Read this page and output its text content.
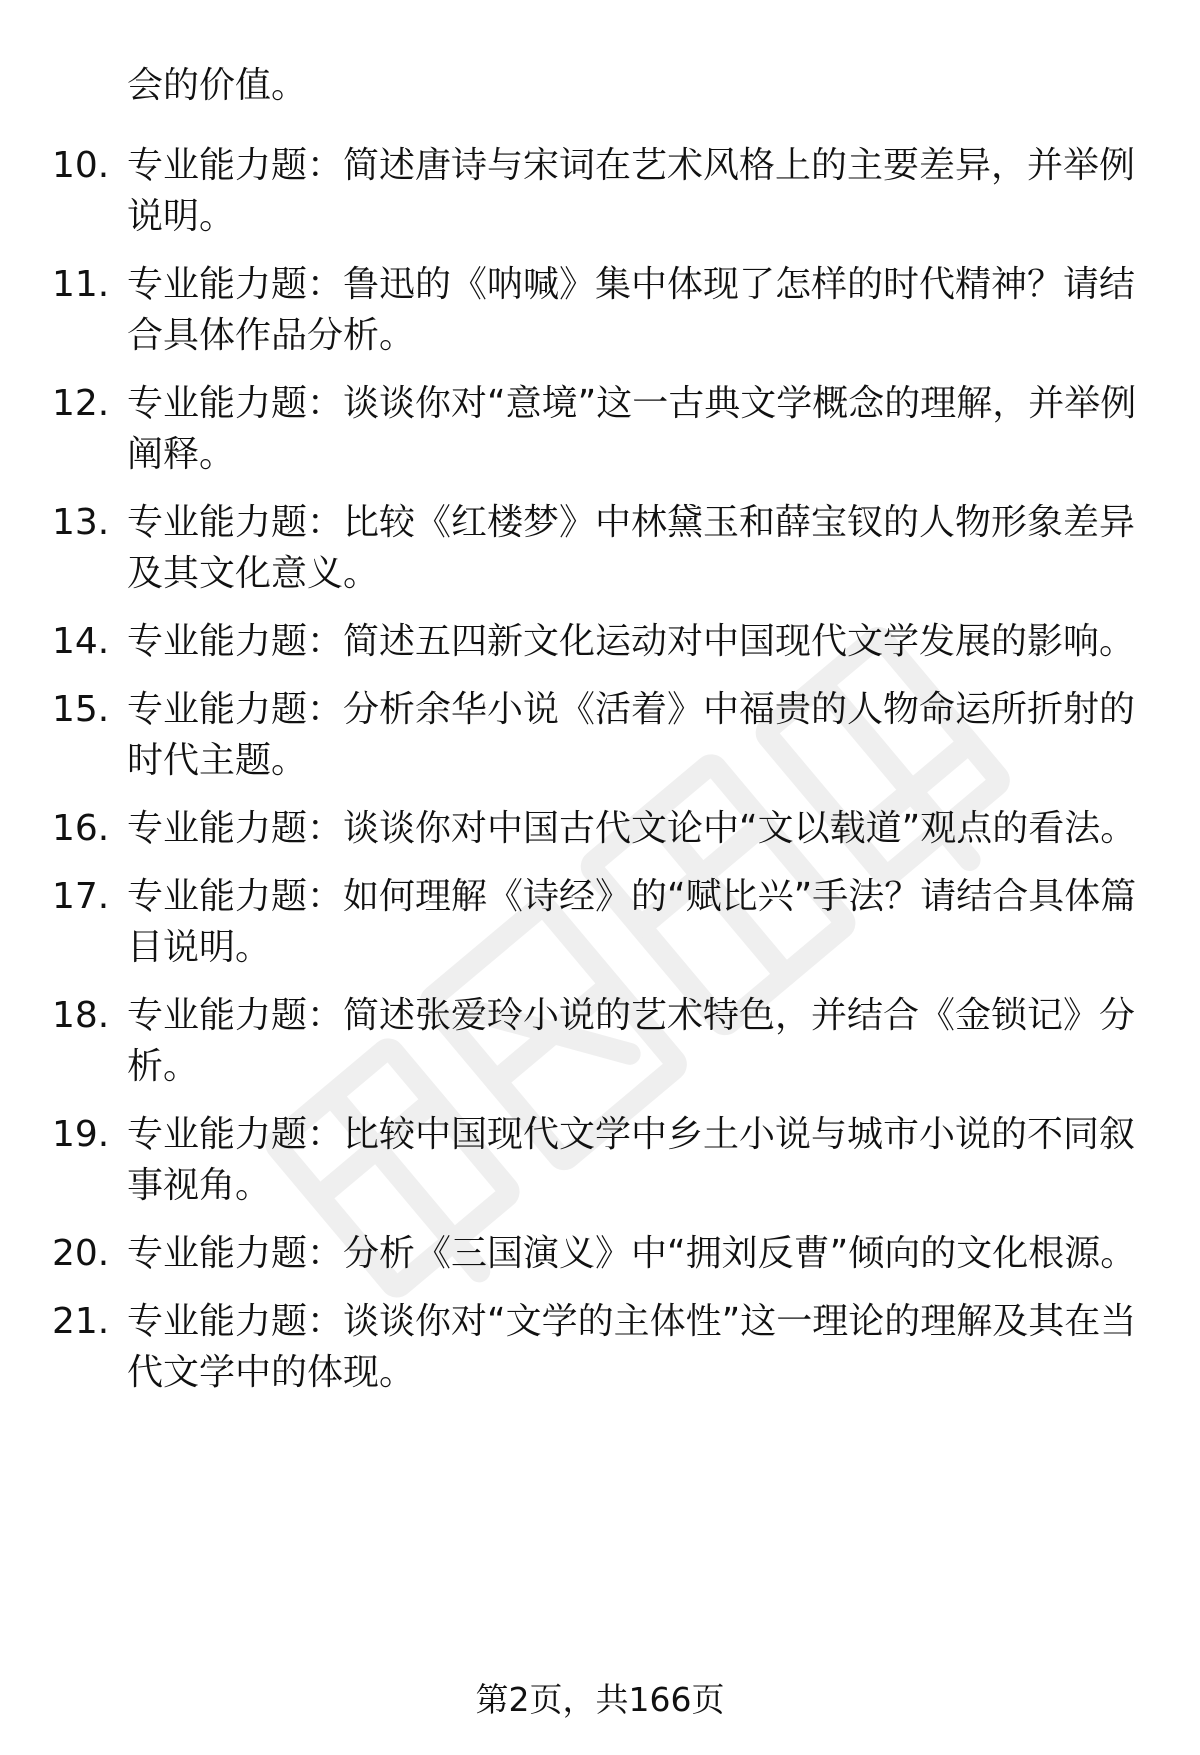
会的价值。
10. 专业能力题：简述唐诗与宋词在艺术风格上的主要差异，并举例说明。
11. 专业能力题：鲁迅的《呐喊》集中体现了怎样的时代精神？请结合具体作品分析。
12. 专业能力题：谈谈你对“意境”这一古典文学概念的理解，并举例阐释。
13. 专业能力题：比较《红楼梦》中林黛玉和薛宝钗的人物形象差异及其文化意义。
14. 专业能力题：简述五四新文化运动对中国现代文学发展的影响。
15. 专业能力题：分析余华小说《活着》中福贵的人物命运所折射的时代主题。
16. 专业能力题：谈谈你对中国古代文论中“文以载道”观点的看法。
17. 专业能力题：如何理解《诗经》的“赋比兴”手法？请结合具体篇目说明。
18. 专业能力题：简述张爱玲小说的艺术特色，并结合《金锁记》分析。
19. 专业能力题：比较中国现代文学中乡土小说与城市小说的不同叙事视角。
20. 专业能力题：分析《三国演义》中“拥刘反曹”倾向的文化根源。
21. 专业能力题：谈谈你对“文学的主体性”这一理论的理解及其在当代文学中的体现。
第2页，共166页
